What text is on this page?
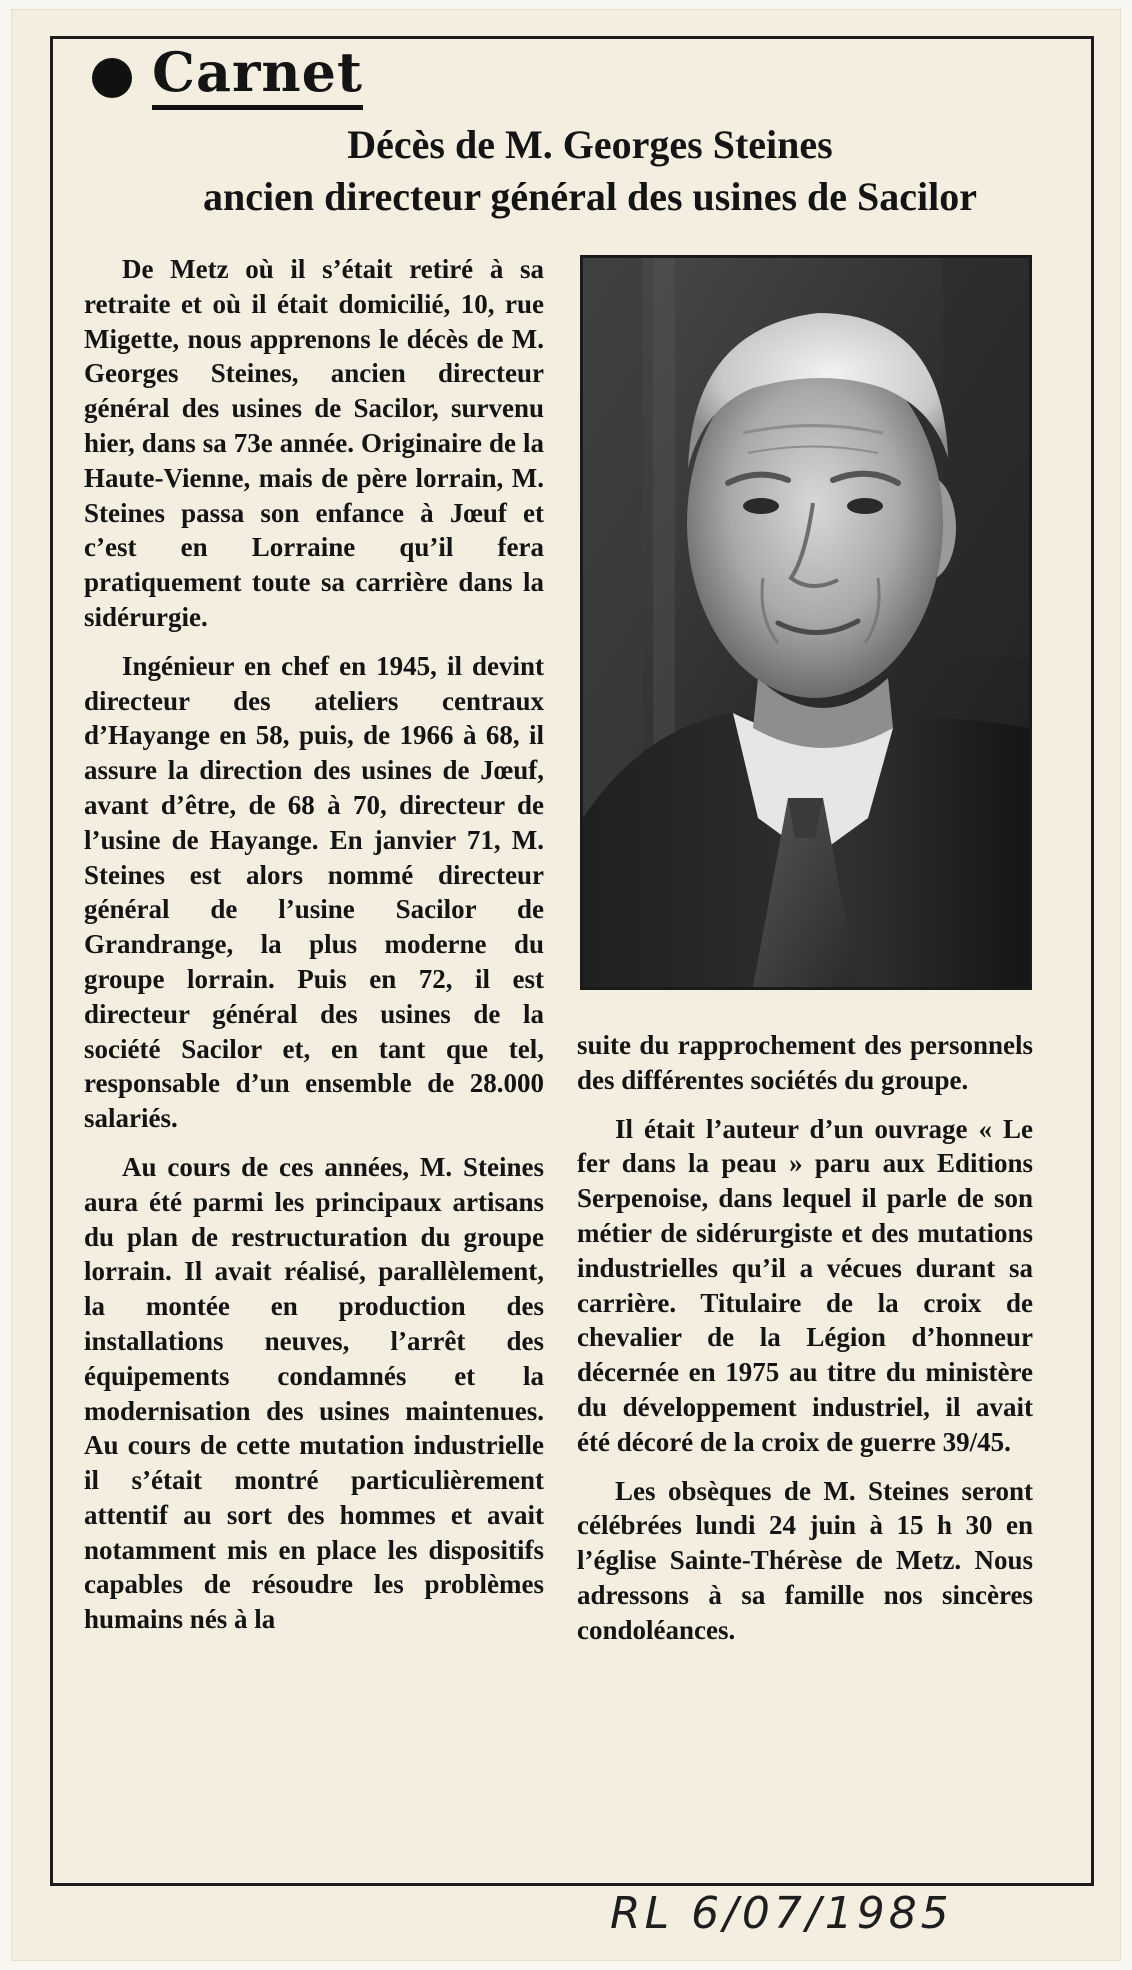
Carnet
Décès de M. Georges Steines
ancien directeur général des usines de Sacilor

De Metz où il s’était retiré à sa retraite et où il était domicilié, 10, rue Migette, nous apprenons le décès de M. Georges Steines, ancien directeur général des usines de Sacilor, survenu hier, dans sa 73e année. Originaire de la Haute-Vienne, mais de père lorrain, M. Steines passa son enfance à Jœuf et c’est en Lorraine qu’il fera pratiquement toute sa carrière dans la sidérurgie.

Ingénieur en chef en 1945, il devint directeur des ateliers centraux d’Hayange en 58, puis, de 1966 à 68, il assure la direction des usines de Jœuf, avant d’être, de 68 à 70, directeur de l’usine de Hayange. En janvier 71, M. Steines est alors nommé directeur général de l’usine Sacilor de Grandrange, la plus moderne du groupe lorrain. Puis en 72, il est directeur général des usines de la société Sacilor et, en tant que tel, responsable d’un ensemble de 28.000 salariés.

Au cours de ces années, M. Steines aura été parmi les principaux artisans du plan de restructuration du groupe lorrain. Il avait réalisé, parallèlement, la montée en production des installations neuves, l’arrêt des équipements condamnés et la modernisation des usines maintenues. Au cours de cette mutation industrielle il s’était montré particulièrement attentif au sort des hommes et avait notamment mis en place les dispositifs capables de résoudre les problèmes humains nés à la

suite du rapprochement des personnels des différentes sociétés du groupe.

Il était l’auteur d’un ouvrage « Le fer dans la peau » paru aux Editions Serpenoise, dans lequel il parle de son métier de sidérurgiste et des mutations industrielles qu’il a vécues durant sa carrière. Titulaire de la croix de chevalier de la Légion d’honneur décernée en 1975 au titre du ministère du développement industriel, il avait été décoré de la croix de guerre 39/45.

Les obsèques de M. Steines seront célébrées lundi 24 juin à 15 h 30 en l’église Sainte-Thérèse de Metz. Nous adressons à sa famille nos sincères condoléances.

RL 6/07/1985
